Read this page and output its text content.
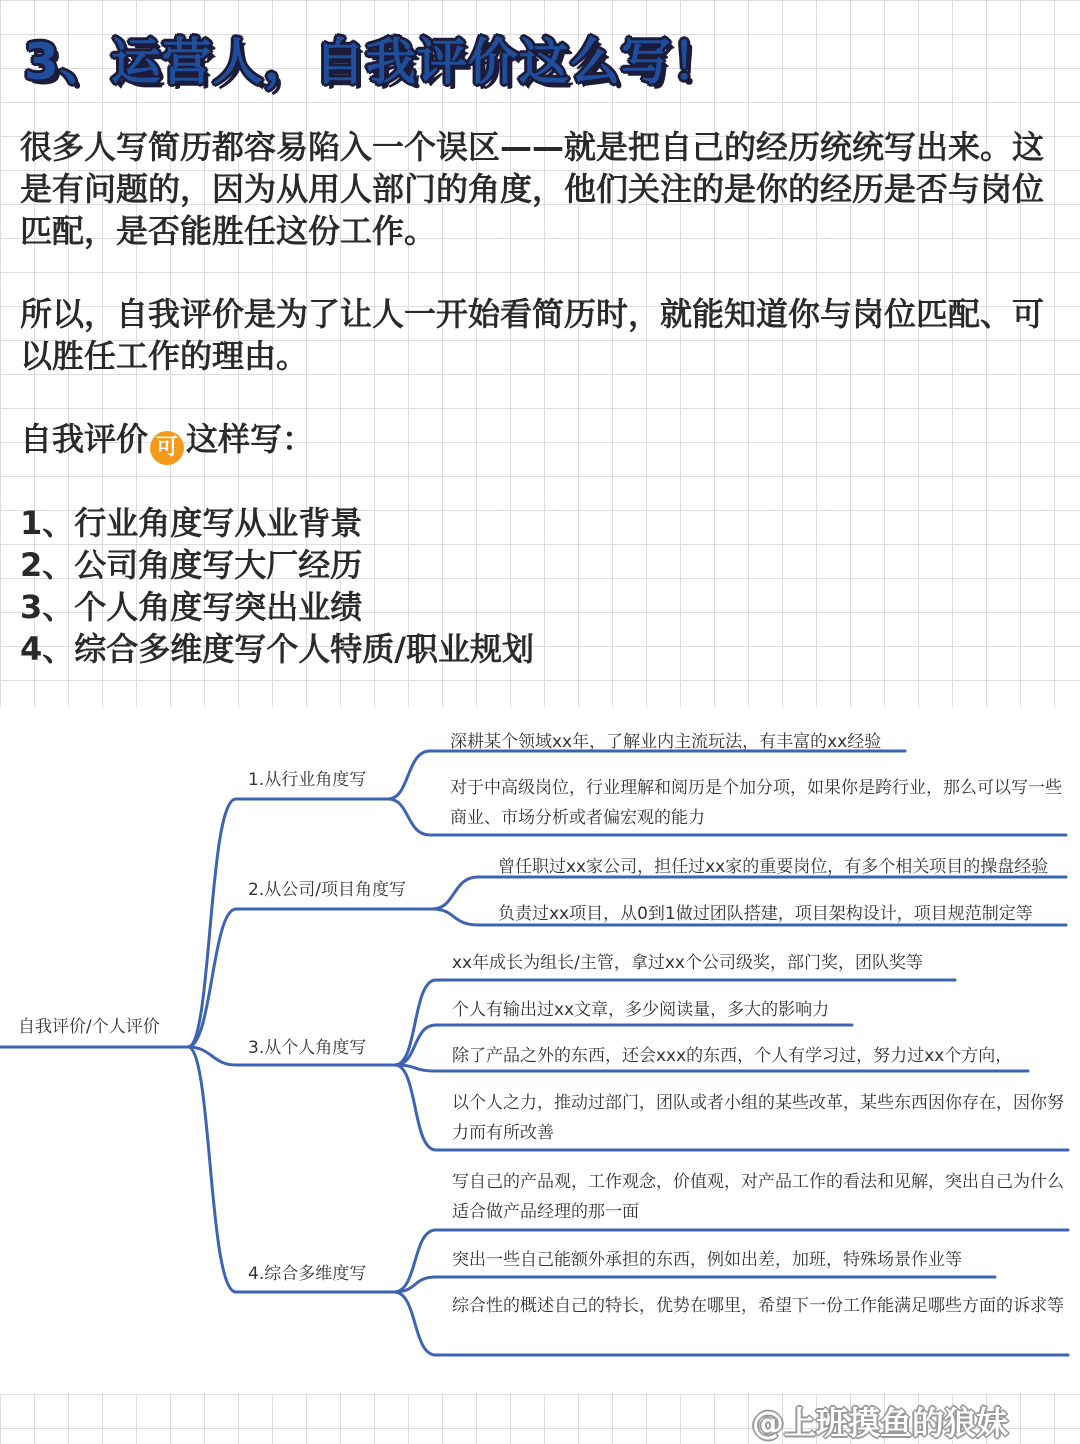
3、运营人，自我评价这么写！

很多人写简历都容易陷入一个误区——就是把自己的经历统统写出来。这是有问题的，因为从用人部门的角度，他们关注的是你的经历是否与岗位匹配，是否能胜任这份工作。

所以，自我评价是为了让人一开始看简历时，就能知道你与岗位匹配、可以胜任工作的理由。

自我评价 可 这样写：

1、行业角度写从业背景
2、公司角度写大厂经历
3、个人角度写突出业绩
4、综合多维度写个人特质/职业规划

自我评价/个人评价

1.从行业角度写

2.从公司/项目角度写

3.从个人角度写

4.综合多维度写

深耕某个领域xx年，了解业内主流玩法，有丰富的xx经验

对于中高级岗位，行业理解和阅历是个加分项，如果你是跨行业，那么可以写一些商业、市场分析或者偏宏观的能力

曾任职过xx家公司，担任过xx家的重要岗位，有多个相关项目的操盘经验

负责过xx项目，从0到1做过团队搭建，项目架构设计，项目规范制定等

xx年成长为组长/主管，拿过xx个公司级奖，部门奖，团队奖等

个人有输出过xx文章，多少阅读量，多大的影响力

除了产品之外的东西，还会xxx的东西，个人有学习过，努力过xx个方向，

以个人之力，推动过部门，团队或者小组的某些改革，某些东西因你存在，因你努力而有所改善

写自己的产品观，工作观念，价值观，对产品工作的看法和见解，突出自己为什么适合做产品经理的那一面

突出一些自己能额外承担的东西，例如出差，加班，特殊场景作业等

综合性的概述自己的特长，优势在哪里，希望下一份工作能满足哪些方面的诉求等

@上班摸鱼的狼妹
